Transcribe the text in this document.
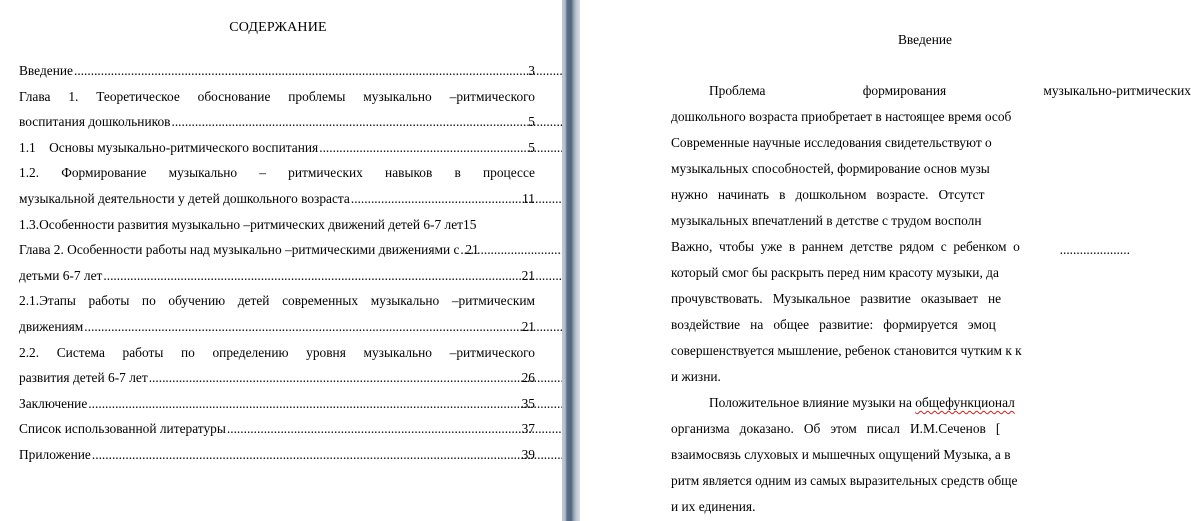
СОДЕРЖАНИЕ
Введение .....	3
Глава 1. Теоретическое обоснование проблемы музыкально –ритмического
воспитания дошкольников .....	5
1.1    Основы музыкально-ритмического воспитания .....	5
1.2.   Формирование   музыкально   –   ритмических   навыков   в   процессе
музыкальной деятельности у детей дошкольного возраста .....	11
1.3.Особенности развития музыкально –ритмических движений детей 6-7 лет 15
Глава 2. Особенности работы над музыкально –ритмическими движениями с ..... 21
детьми 6-7 лет .....	21
2.1.Этапы работы по обучению детей современных музыкально –ритмическим
движениям .....	21
2.2.  Система  работы  по  определению  уровня  музыкально  –ритмического
развития детей 6-7 лет .....	26
Заключение .....	35
Список использованной литературы .....	37
Приложение .....	39
Введение
Проблема   формирования   музыкально-ритмических
дошкольного возраста приобретает в настоящее время особ
Современные научные исследования свидетельствуют о
музыкальных способностей, формирование основ музы
нужно   начинать   в   дошкольном   возрасте.   Отсутст
музыкальных впечатлений в детстве с трудом восполн
Важно,  чтобы  уже  в  раннем  детстве  рядом  с  ребенком  о
который смог бы раскрыть перед ним красоту музыки, да
прочувствовать.   Музыкальное   развитие   оказывает   не
воздействие   на   общее   развитие:   формируется   эмоц
совершенствуется мышление, ребенок становится чутким к к
и жизни.
Положительное влияние музыки на общефункционал
организма   доказано.   Об   этом   писал   И.М.Сеченов   [
взаимосвязь слуховых и мышечных ощущений Музыка, а в
ритм является одним из самых выразительных средств обще
и их единения.
